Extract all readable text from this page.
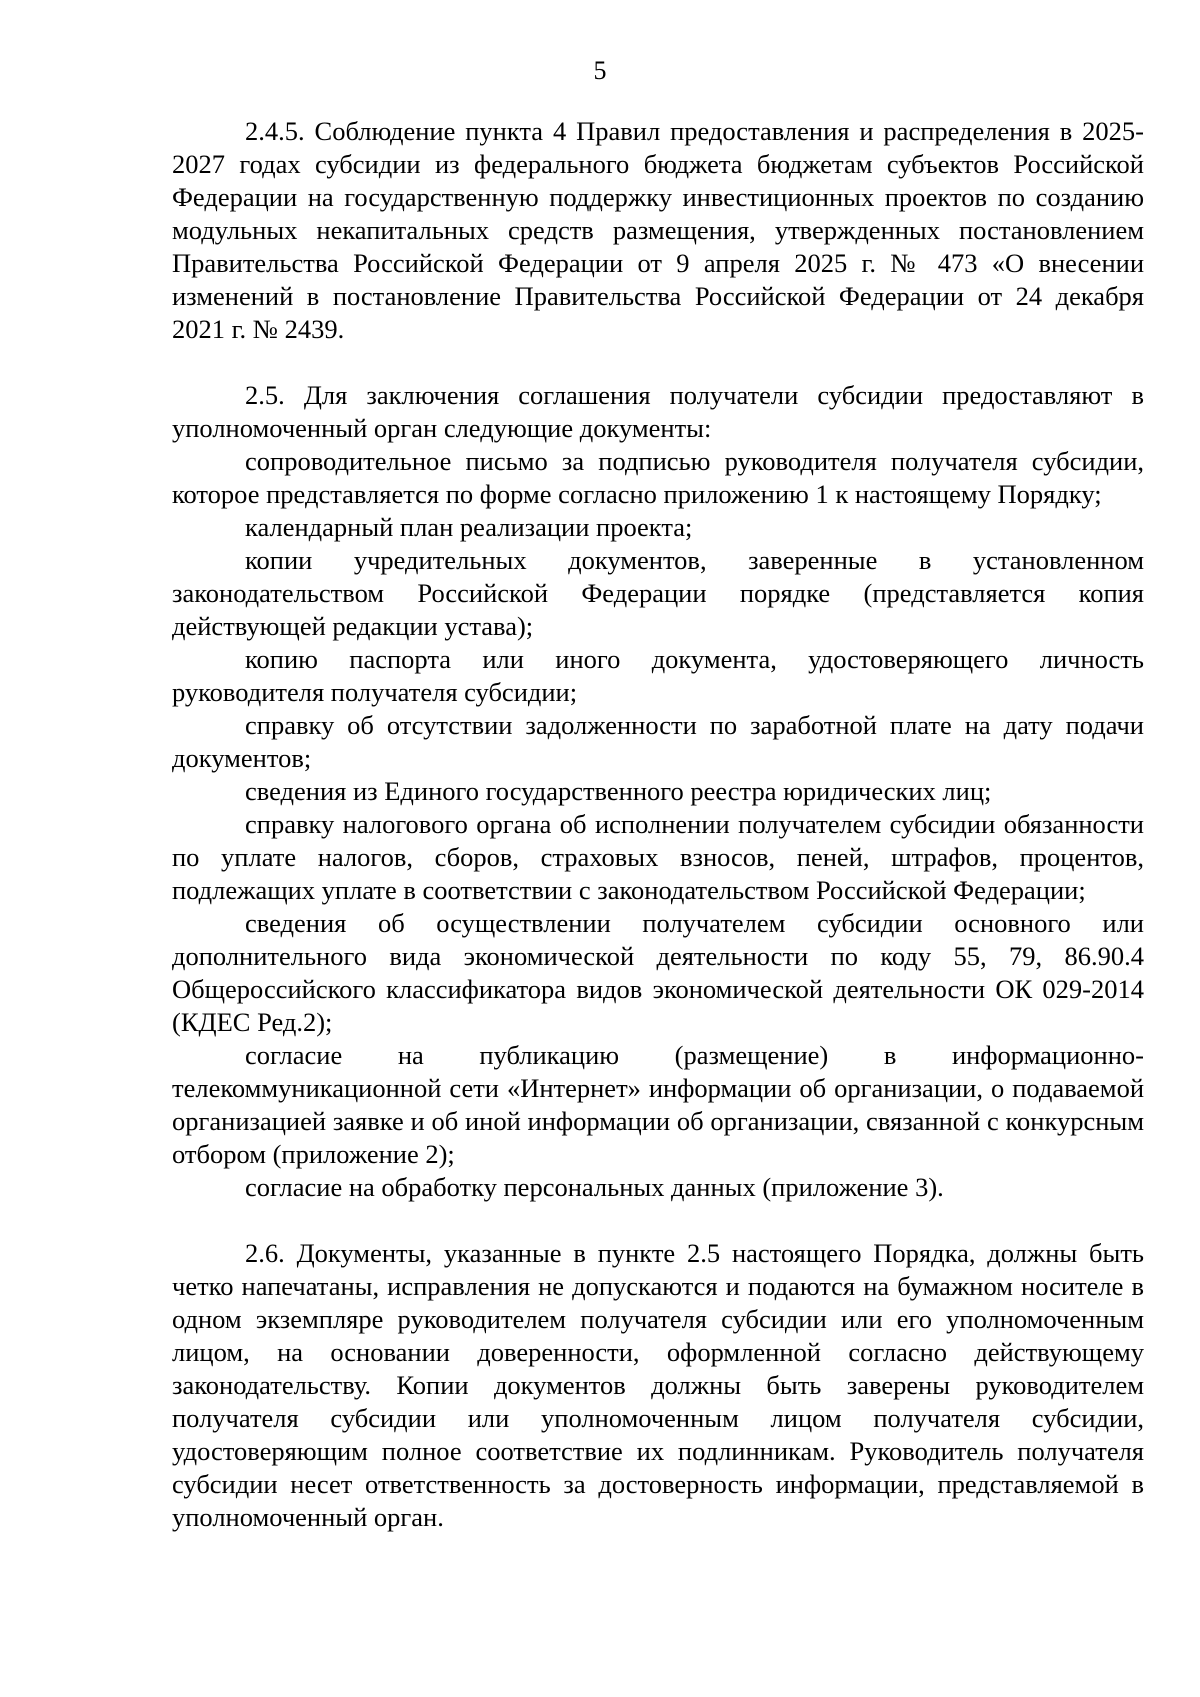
5

2.4.5. Соблюдение пункта 4 Правил предоставления и распределения в 2025-2027 годах субсидии из федерального бюджета бюджетам субъектов Российской Федерации на государственную поддержку инвестиционных проектов по созданию модульных некапитальных средств размещения, утвержденных постановлением Правительства Российской Федерации от 9 апреля 2025 г. № 473 «О внесении изменений в постановление Правительства Российской Федерации от 24 декабря 2021 г. № 2439.

2.5. Для заключения соглашения получатели субсидии предоставляют в уполномоченный орган следующие документы:

сопроводительное письмо за подписью руководителя получателя субсидии, которое представляется по форме согласно приложению 1 к настоящему Порядку;

календарный план реализации проекта;

копии учредительных документов, заверенные в установленном законодательством Российской Федерации порядке (представляется копия действующей редакции устава);

копию паспорта или иного документа, удостоверяющего личность руководителя получателя субсидии;

справку об отсутствии задолженности по заработной плате на дату подачи документов;

сведения из Единого государственного реестра юридических лиц;

справку налогового органа об исполнении получателем субсидии обязанности по уплате налогов, сборов, страховых взносов, пеней, штрафов, процентов, подлежащих уплате в соответствии с законодательством Российской Федерации;

сведения об осуществлении получателем субсидии основного или дополнительного вида экономической деятельности по коду 55, 79, 86.90.4 Общероссийского классификатора видов экономической деятельности ОК 029-2014 (КДЕС Ред.2);

согласие на публикацию (размещение) в информационно-телекоммуникационной сети «Интернет» информации об организации, о подаваемой организацией заявке и об иной информации об организации, связанной с конкурсным отбором (приложение 2);

согласие на обработку персональных данных (приложение 3).

2.6. Документы, указанные в пункте 2.5 настоящего Порядка, должны быть четко напечатаны, исправления не допускаются и подаются на бумажном носителе в одном экземпляре руководителем получателя субсидии или его уполномоченным лицом, на основании доверенности, оформленной согласно действующему законодательству. Копии документов должны быть заверены руководителем получателя субсидии или уполномоченным лицом получателя субсидии, удостоверяющим полное соответствие их подлинникам. Руководитель получателя субсидии несет ответственность за достоверность информации, представляемой в уполномоченный орган.
